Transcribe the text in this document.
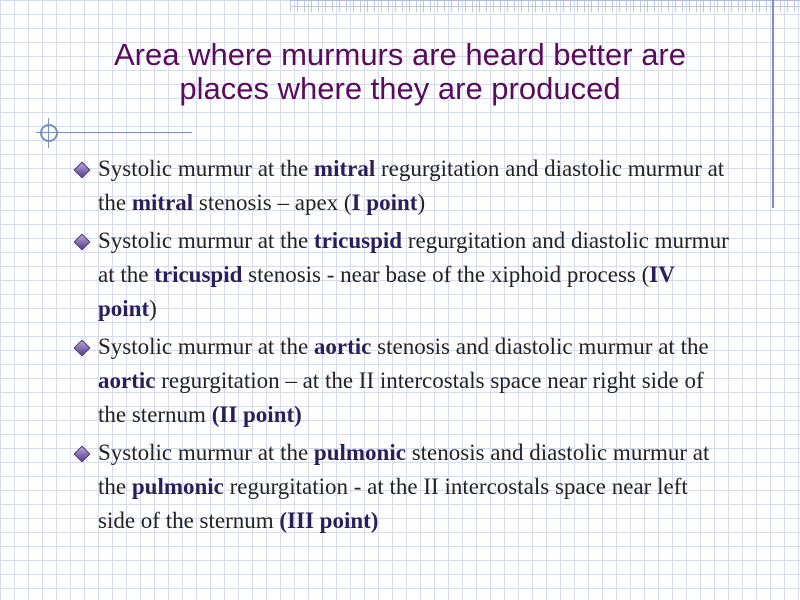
Area where murmurs are heard better are
places where they are produced
Systolic murmur at the mitral regurgitation and diastolic murmur at the mitral stenosis – apex (I point)
Systolic murmur at the tricuspid regurgitation and diastolic murmur at the tricuspid stenosis - near base of the xiphoid process (IV point)
Systolic murmur at the aortic stenosis and diastolic murmur at the aortic regurgitation – at the II intercostals space near right side of the sternum (II point)
Systolic murmur at the pulmonic stenosis and diastolic murmur at the pulmonic regurgitation - at the II intercostals space near left side of the sternum (III point)
